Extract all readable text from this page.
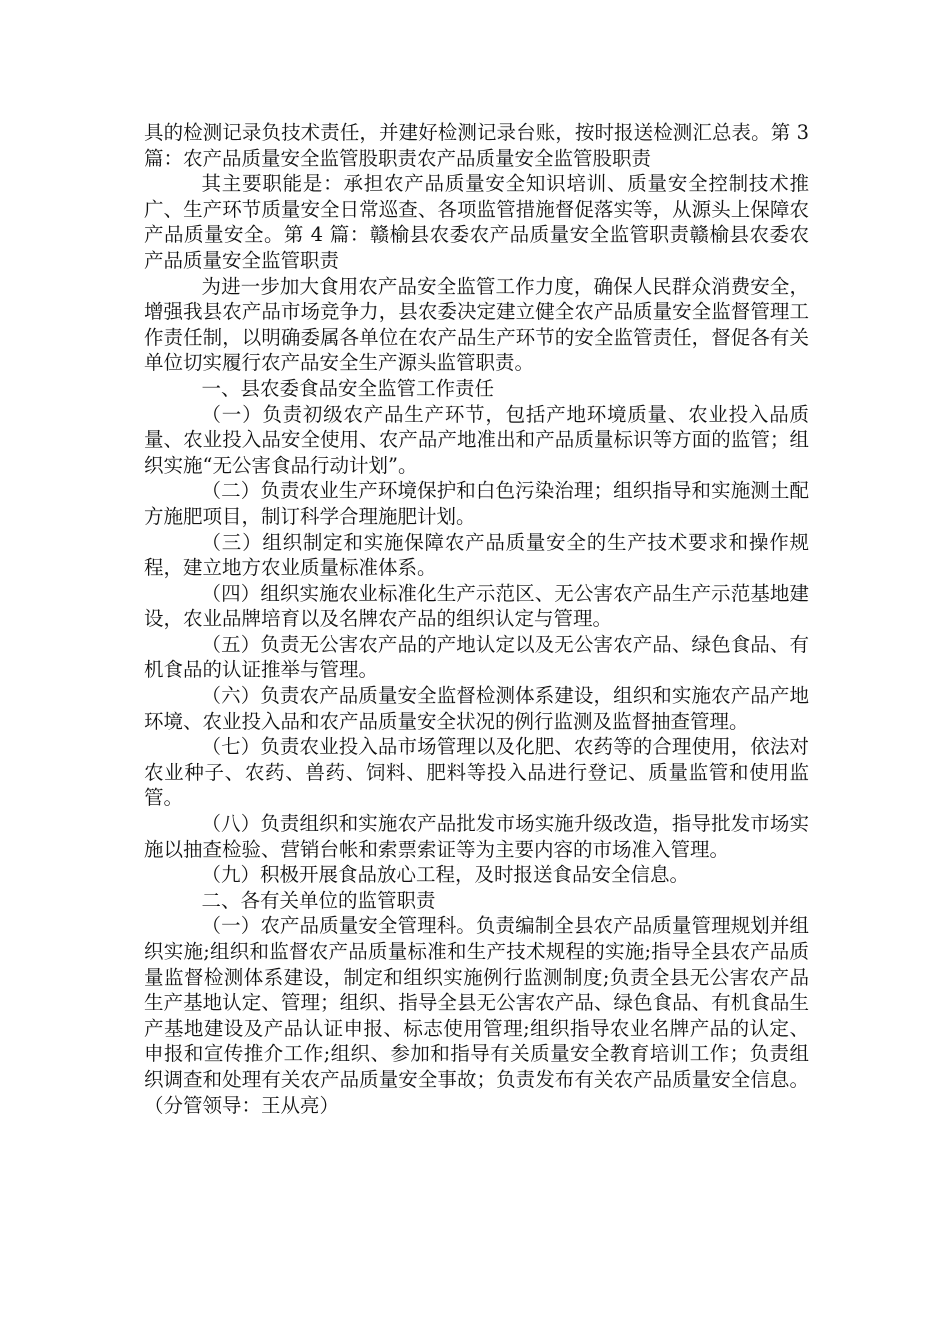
具的检测记录负技术责任，并建好检测记录台账，按时报送检测汇总表。第 3 篇：农产品质量安全监管股职责农产品质量安全监管股职责

其主要职能是：承担农产品质量安全知识培训、质量安全控制技术推广、生产环节质量安全日常巡查、各项监管措施督促落实等，从源头上保障农产品质量安全。第 4 篇：赣榆县农委农产品质量安全监管职责赣榆县农委农产品质量安全监管职责

为进一步加大食用农产品安全监管工作力度，确保人民群众消费安全，增强我县农产品市场竞争力，县农委决定建立健全农产品质量安全监督管理工作责任制，以明确委属各单位在农产品生产环节的安全监管责任，督促各有关单位切实履行农产品安全生产源头监管职责。

一、县农委食品安全监管工作责任

（一）负责初级农产品生产环节，包括产地环境质量、农业投入品质量、农业投入品安全使用、农产品产地准出和产品质量标识等方面的监管；组织实施“无公害食品行动计划”。

（二）负责农业生产环境保护和白色污染治理；组织指导和实施测土配方施肥项目，制订科学合理施肥计划。

（三）组织制定和实施保障农产品质量安全的生产技术要求和操作规程，建立地方农业质量标准体系。

（四）组织实施农业标准化生产示范区、无公害农产品生产示范基地建设，农业品牌培育以及名牌农产品的组织认定与管理。

（五）负责无公害农产品的产地认定以及无公害农产品、绿色食品、有机食品的认证推举与管理。

（六）负责农产品质量安全监督检测体系建设，组织和实施农产品产地环境、农业投入品和农产品质量安全状况的例行监测及监督抽查管理。

（七）负责农业投入品市场管理以及化肥、农药等的合理使用，依法对农业种子、农药、兽药、饲料、肥料等投入品进行登记、质量监管和使用监管。

（八）负责组织和实施农产品批发市场实施升级改造，指导批发市场实施以抽查检验、营销台帐和索票索证等为主要内容的市场准入管理。

（九）积极开展食品放心工程，及时报送食品安全信息。

二、各有关单位的监管职责

（一）农产品质量安全管理科。负责编制全县农产品质量管理规划并组织实施;组织和监督农产品质量标准和生产技术规程的实施;指导全县农产品质量监督检测体系建设，制定和组织实施例行监测制度;负责全县无公害农产品生产基地认定、管理；组织、指导全县无公害农产品、绿色食品、有机食品生产基地建设及产品认证申报、标志使用管理;组织指导农业名牌产品的认定、申报和宣传推介工作;组织、参加和指导有关质量安全教育培训工作；负责组织调查和处理有关农产品质量安全事故；负责发布有关农产品质量安全信息。（分管领导：王从亮）
